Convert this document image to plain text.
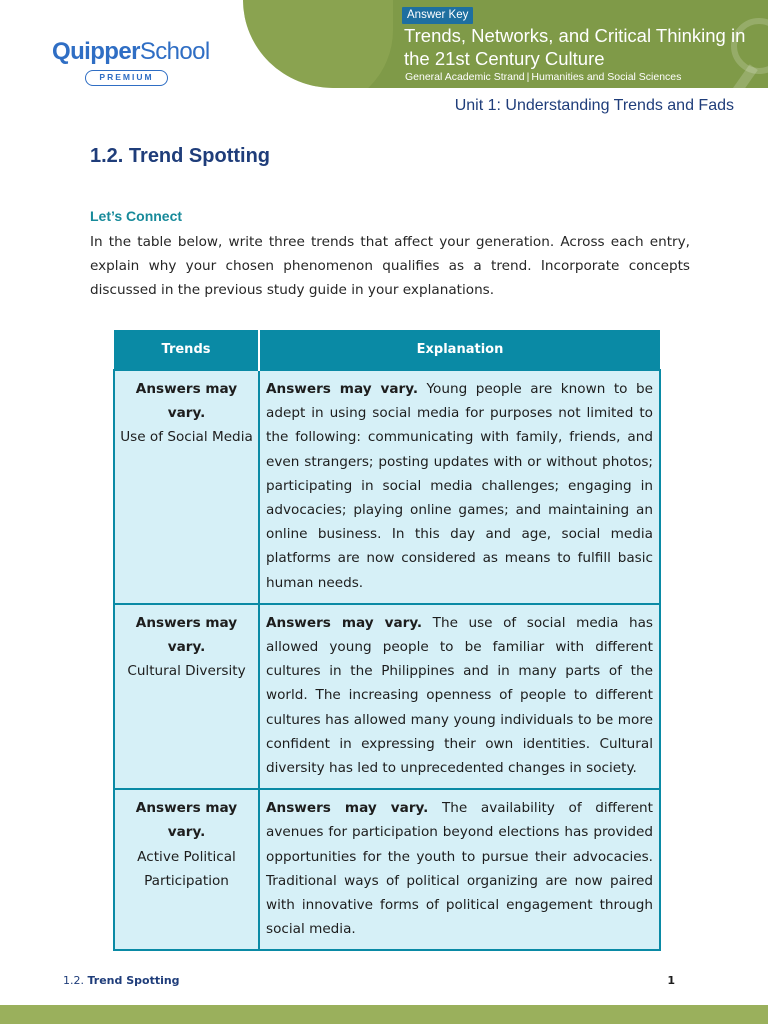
Answer Key
Trends, Networks, and Critical Thinking in the 21st Century Culture
General Academic Strand | Humanities and Social Sciences
QuipperSchool
PREMIUM
Unit 1: Understanding Trends and Fads
1.2. Trend Spotting
Let’s Connect

In the table below, write three trends that affect your generation. Across each entry, explain why your chosen phenomenon qualifies as a trend. Incorporate concepts discussed in the previous study guide in your explanations.

Trends	Explanation

Answers may vary.
Use of Social Media	Answers may vary. Young people are known to be adept in using social media for purposes not limited to the following: communicating with family, friends, and even strangers; posting updates with or without photos; participating in social media challenges; engaging in advocacies; playing online games; and maintaining an online business. In this day and age, social media platforms are now considered as means to fulfill basic human needs.

Answers may vary.
Cultural Diversity	Answers may vary. The use of social media has allowed young people to be familiar with different cultures in the Philippines and in many parts of the world. The increasing openness of people to different cultures has allowed many young individuals to be more confident in expressing their own identities. Cultural diversity has led to unprecedented changes in society.

Answers may vary.
Active Political Participation	Answers may vary. The availability of different avenues for participation beyond elections has provided opportunities for the youth to pursue their advocacies. Traditional ways of political organizing are now paired with innovative forms of political engagement through social media.
1.2. Trend Spotting	1
